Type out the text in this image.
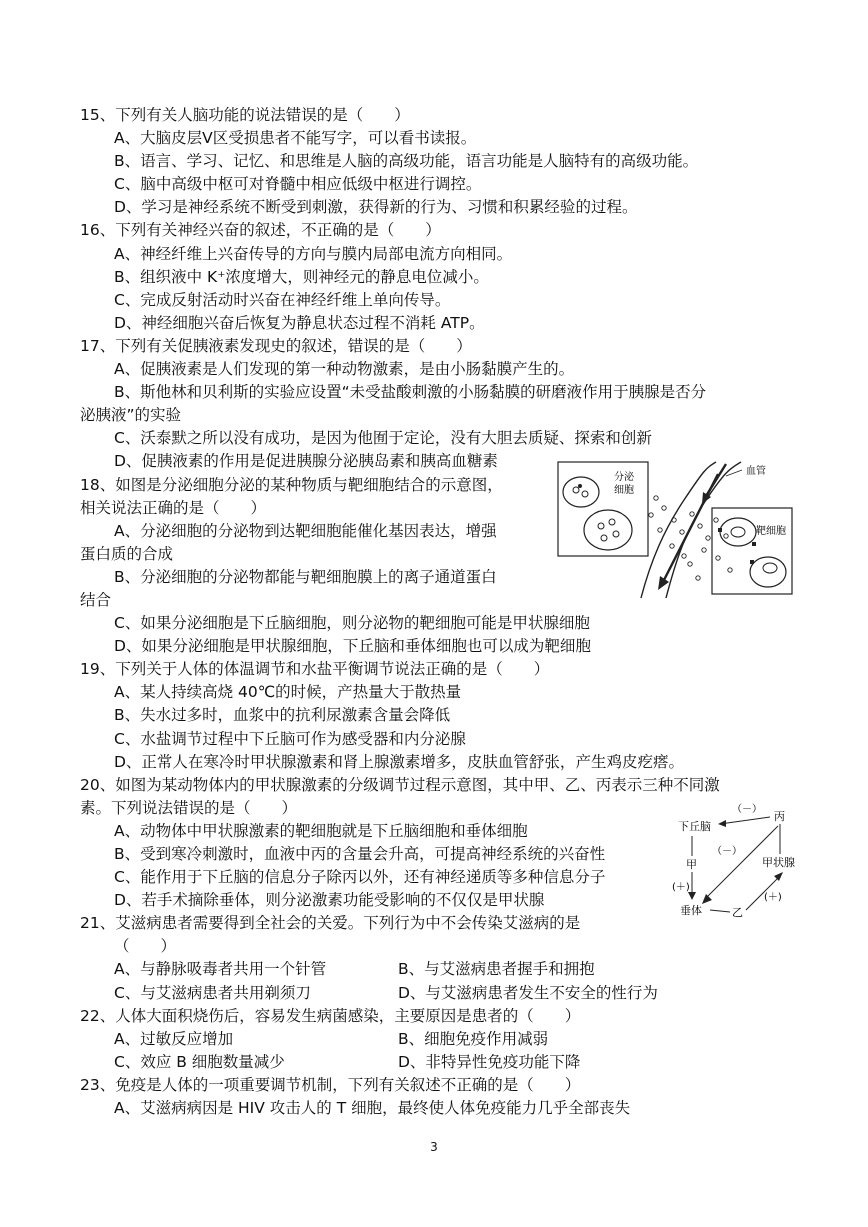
15、下列有关人脑功能的说法错误的是（　　）
A、大脑皮层Ⅴ区受损患者不能写字，可以看书读报。
B、语言、学习、记忆、和思维是人脑的高级功能，语言功能是人脑特有的高级功能。
C、脑中高级中枢可对脊髓中相应低级中枢进行调控。
D、学习是神经系统不断受到刺激，获得新的行为、习惯和积累经验的过程。
16、下列有关神经兴奋的叙述，不正确的是（　　）
A、神经纤维上兴奋传导的方向与膜内局部电流方向相同。
B、组织液中 K⁺浓度增大，则神经元的静息电位减小。
C、完成反射活动时兴奋在神经纤维上单向传导。
D、神经细胞兴奋后恢复为静息状态过程不消耗 ATP。
17、下列有关促胰液素发现史的叙述，错误的是（　　）
A、促胰液素是人们发现的第一种动物激素，是由小肠黏膜产生的。
B、斯他林和贝利斯的实验应设置“未受盐酸刺激的小肠黏膜的研磨液作用于胰腺是否分
泌胰液”的实验
C、沃泰默之所以没有成功，是因为他囿于定论，没有大胆去质疑、探索和创新
D、促胰液素的作用是促进胰腺分泌胰岛素和胰高血糖素
18、如图是分泌细胞分泌的某种物质与靶细胞结合的示意图，
相关说法正确的是（　　）
A、分泌细胞的分泌物到达靶细胞能催化基因表达，增强
蛋白质的合成
B、分泌细胞的分泌物都能与靶细胞膜上的离子通道蛋白
结合
C、如果分泌细胞是下丘脑细胞，则分泌物的靶细胞可能是甲状腺细胞
D、如果分泌细胞是甲状腺细胞，下丘脑和垂体细胞也可以成为靶细胞
19、下列关于人体的体温调节和水盐平衡调节说法正确的是（　　）
A、某人持续高烧 40℃的时候，产热量大于散热量
B、失水过多时，血浆中的抗利尿激素含量会降低
C、水盐调节过程中下丘脑可作为感受器和内分泌腺
D、正常人在寒冷时甲状腺激素和肾上腺激素增多，皮肤血管舒张，产生鸡皮疙瘩。
20、如图为某动物体内的甲状腺激素的分级调节过程示意图，其中甲、乙、丙表示三种不同激
素。下列说法错误的是（　　）
A、动物体中甲状腺激素的靶细胞就是下丘脑细胞和垂体细胞
B、受到寒冷刺激时，血液中丙的含量会升高，可提高神经系统的兴奋性
C、能作用于下丘脑的信息分子除丙以外，还有神经递质等多种信息分子
D、若手术摘除垂体，则分泌激素功能受影响的不仅仅是甲状腺
21、艾滋病患者需要得到全社会的关爱。下列行为中不会传染艾滋病的是
（　　）
A、与静脉吸毒者共用一个针管	B、与艾滋病患者握手和拥抱
C、与艾滋病患者共用剃须刀	D、与艾滋病患者发生不安全的性行为
22、人体大面积烧伤后，容易发生病菌感染，主要原因是患者的（　　）
A、过敏反应增加	B、细胞免疫作用减弱
C、效应 B 细胞数量减少	D、非特异性免疫功能下降
23、免疫是人体的一项重要调节机制，下列有关叙述不正确的是（　　）
A、艾滋病病因是 HIV 攻击人的 T 细胞，最终使人体免疫能力几乎全部丧失
分泌
细胞
血管
靶细胞
下丘脑
丙
（－）
甲
(＋)
（－）
垂体	乙
甲状腺
(＋)
3
